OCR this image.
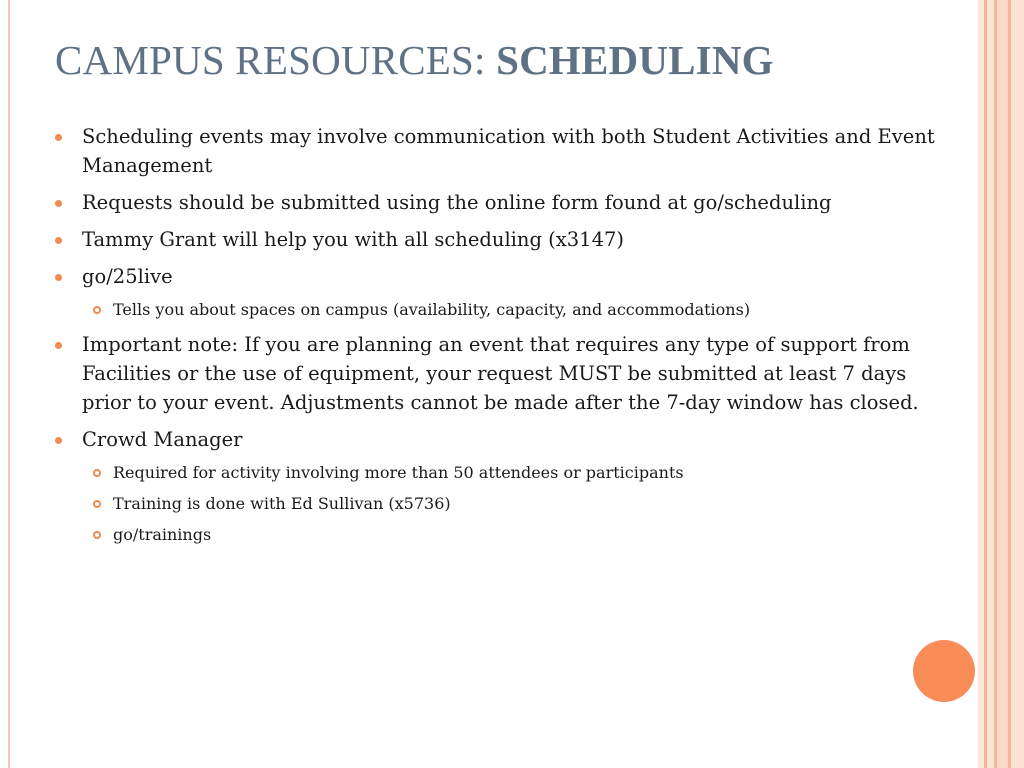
CAMPUS RESOURCES: SCHEDULING
Scheduling events may involve communication with both Student Activities and Event Management
Requests should be submitted using the online form found at go/scheduling
Tammy Grant will help you with all scheduling (x3147)
go/25live
Tells you about spaces on campus (availability, capacity, and accommodations)
Important note: If you are planning an event that requires any type of support from Facilities or the use of equipment, your request MUST be submitted at least 7 days prior to your event. Adjustments cannot be made after the 7-day window has closed.
Crowd Manager
Required for activity involving more than 50 attendees or participants
Training is done with Ed Sullivan (x5736)
go/trainings
